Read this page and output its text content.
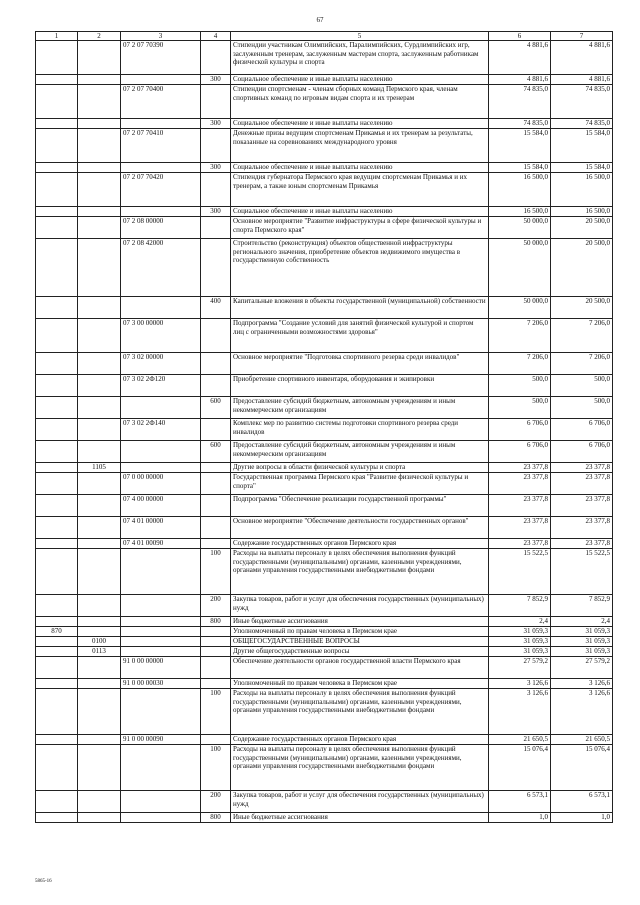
67
1	2	3	4	5	6	7
		07 2 07 70390		Стипендии участникам Олимпийских, Паралимпийских, Сурдлимпийских игр, заслуженным тренерам, заслуженным мастерам спорта, заслуженным работникам физической культуры и спорта	4 881,6	4 881,6
			300	Социальное обеспечение и иные выплаты населению	4 881,6	4 881,6
		07 2 07 70400		Стипендии спортсменам - членам сборных команд Пермского края, членам спортивных команд по игровым видам спорта и их тренерам	74 835,0	74 835,0
			300	Социальное обеспечение и иные выплаты населению	74 835,0	74 835,0
		07 2 07 70410		Денежные призы ведущим спортсменам Прикамья и их тренерам за результаты, показанные на соревнованиях международного уровня	15 584,0	15 584,0
			300	Социальное обеспечение и иные выплаты населению	15 584,0	15 584,0
		07 2 07 70420		Стипендия губернатора Пермского края ведущим спортсменам Прикамья и их тренерам, а также юным спортсменам Прикамья	16 500,0	16 500,0
			300	Социальное обеспечение и иные выплаты населению	16 500,0	16 500,0
		07 2 08 00000		Основное мероприятие "Развитие инфраструктуры в сфере физической культуры и спорта Пермского края"	50 000,0	20 500,0
		07 2 08 42000		Строительство (реконструкция) объектов общественной инфраструктуры регионального значения, приобретение объектов недвижимого имущества в государственную собственность	50 000,0	20 500,0
			400	Капитальные вложения в объекты государственной (муниципальной) собственности	50 000,0	20 500,0
		07 3 00 00000		Подпрограмма "Создание условий для занятий физической культурой и спортом лиц с ограниченными возможностями здоровья"	7 206,0	7 206,0
		07 3 02 00000		Основное мероприятие "Подготовка спортивного резерва среди инвалидов"	7 206,0	7 206,0
		07 3 02 2Ф120		Приобретение спортивного инвентаря, оборудования и экипировки	500,0	500,0
			600	Предоставление субсидий бюджетным, автономным учреждениям и иным некоммерческим организациям	500,0	500,0
		07 3 02 2Ф140		Комплекс мер по развитию системы подготовки спортивного резерва среди инвалидов	6 706,0	6 706,0
			600	Предоставление субсидий бюджетным, автономным учреждениям и иным некоммерческим организациям	6 706,0	6 706,0
	1105			Другие вопросы в области физической культуры и спорта	23 377,8	23 377,8
		07 0 00 00000		Государственная программа Пермского края "Развитие физической культуры и спорта"	23 377,8	23 377,8
		07 4 00 00000		Подпрограмма "Обеспечение реализации государственной программы"	23 377,8	23 377,8
		07 4 01 00000		Основное мероприятие "Обеспечение деятельности государственных органов"	23 377,8	23 377,8
		07 4 01 00090		Содержание государственных органов Пермского края	23 377,8	23 377,8
			100	Расходы на выплаты персоналу в целях обеспечения выполнения функций государственными (муниципальными) органами, казенными учреждениями, органами управления государственными внебюджетными фондами	15 522,5	15 522,5
			200	Закупка товаров, работ и услуг для обеспечения государственных (муниципальных) нужд	7 852,9	7 852,9
			800	Иные бюджетные ассигнования	2,4	2,4
870				Уполномоченный по правам человека в Пермском крае	31 059,3	31 059,3
	0100			ОБЩЕГОСУДАРСТВЕННЫЕ ВОПРОСЫ	31 059,3	31 059,3
	0113			Другие общегосударственные вопросы	31 059,3	31 059,3
		91 0 00 00000		Обеспечение деятельности органов государственной власти Пермского края	27 579,2	27 579,2
		91 0 00 00030		Уполномоченный по правам человека в Пермском крае	3 126,6	3 126,6
			100	Расходы на выплаты персоналу в целях обеспечения выполнения функций государственными (муниципальными) органами, казенными учреждениями, органами управления государственными внебюджетными фондами	3 126,6	3 126,6
		91 0 00 00090		Содержание государственных органов Пермского края	21 650,5	21 650,5
			100	Расходы на выплаты персоналу в целях обеспечения выполнения функций государственными (муниципальными) органами, казенными учреждениями, органами управления государственными внебюджетными фондами	15 076,4	15 076,4
			200	Закупка товаров, работ и услуг для обеспечения государственных (муниципальных) нужд	6 573,1	6 573,1
			800	Иные бюджетные ассигнования	1,0	1,0
5865-16
